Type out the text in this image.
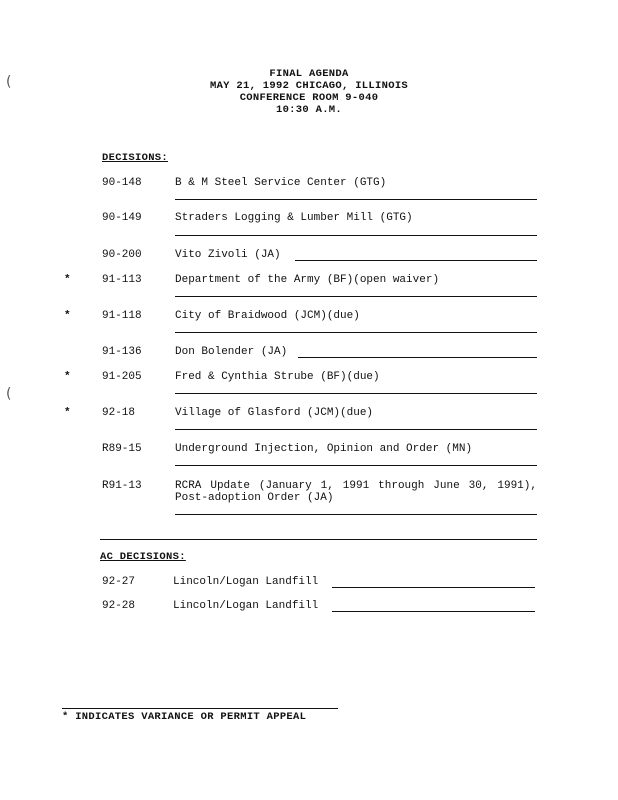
(
(
FINAL AGENDA
MAY 21, 1992 CHICAGO, ILLINOIS
CONFERENCE ROOM 9-040
10:30 A.M.
DECISIONS:
90-148	B & M Steel Service Center (GTG)
90-149	Straders Logging & Lumber Mill (GTG)
90-200	Vito Zivoli (JA)
*	91-113	Department of the Army (BF)(open waiver)
*	91-118	City of Braidwood (JCM)(due)
91-136	Don Bolender (JA)
*	91-205	Fred & Cynthia Strube (BF)(due)
*	92-18	Village of Glasford (JCM)(due)
R89-15	Underground Injection, Opinion and Order (MN)
R91-13	RCRA Update (January 1, 1991 through June 30, 1991), Post-adoption Order (JA)
AC DECISIONS:
92-27	Lincoln/Logan Landfill
92-28	Lincoln/Logan Landfill
* INDICATES VARIANCE OR PERMIT APPEAL
